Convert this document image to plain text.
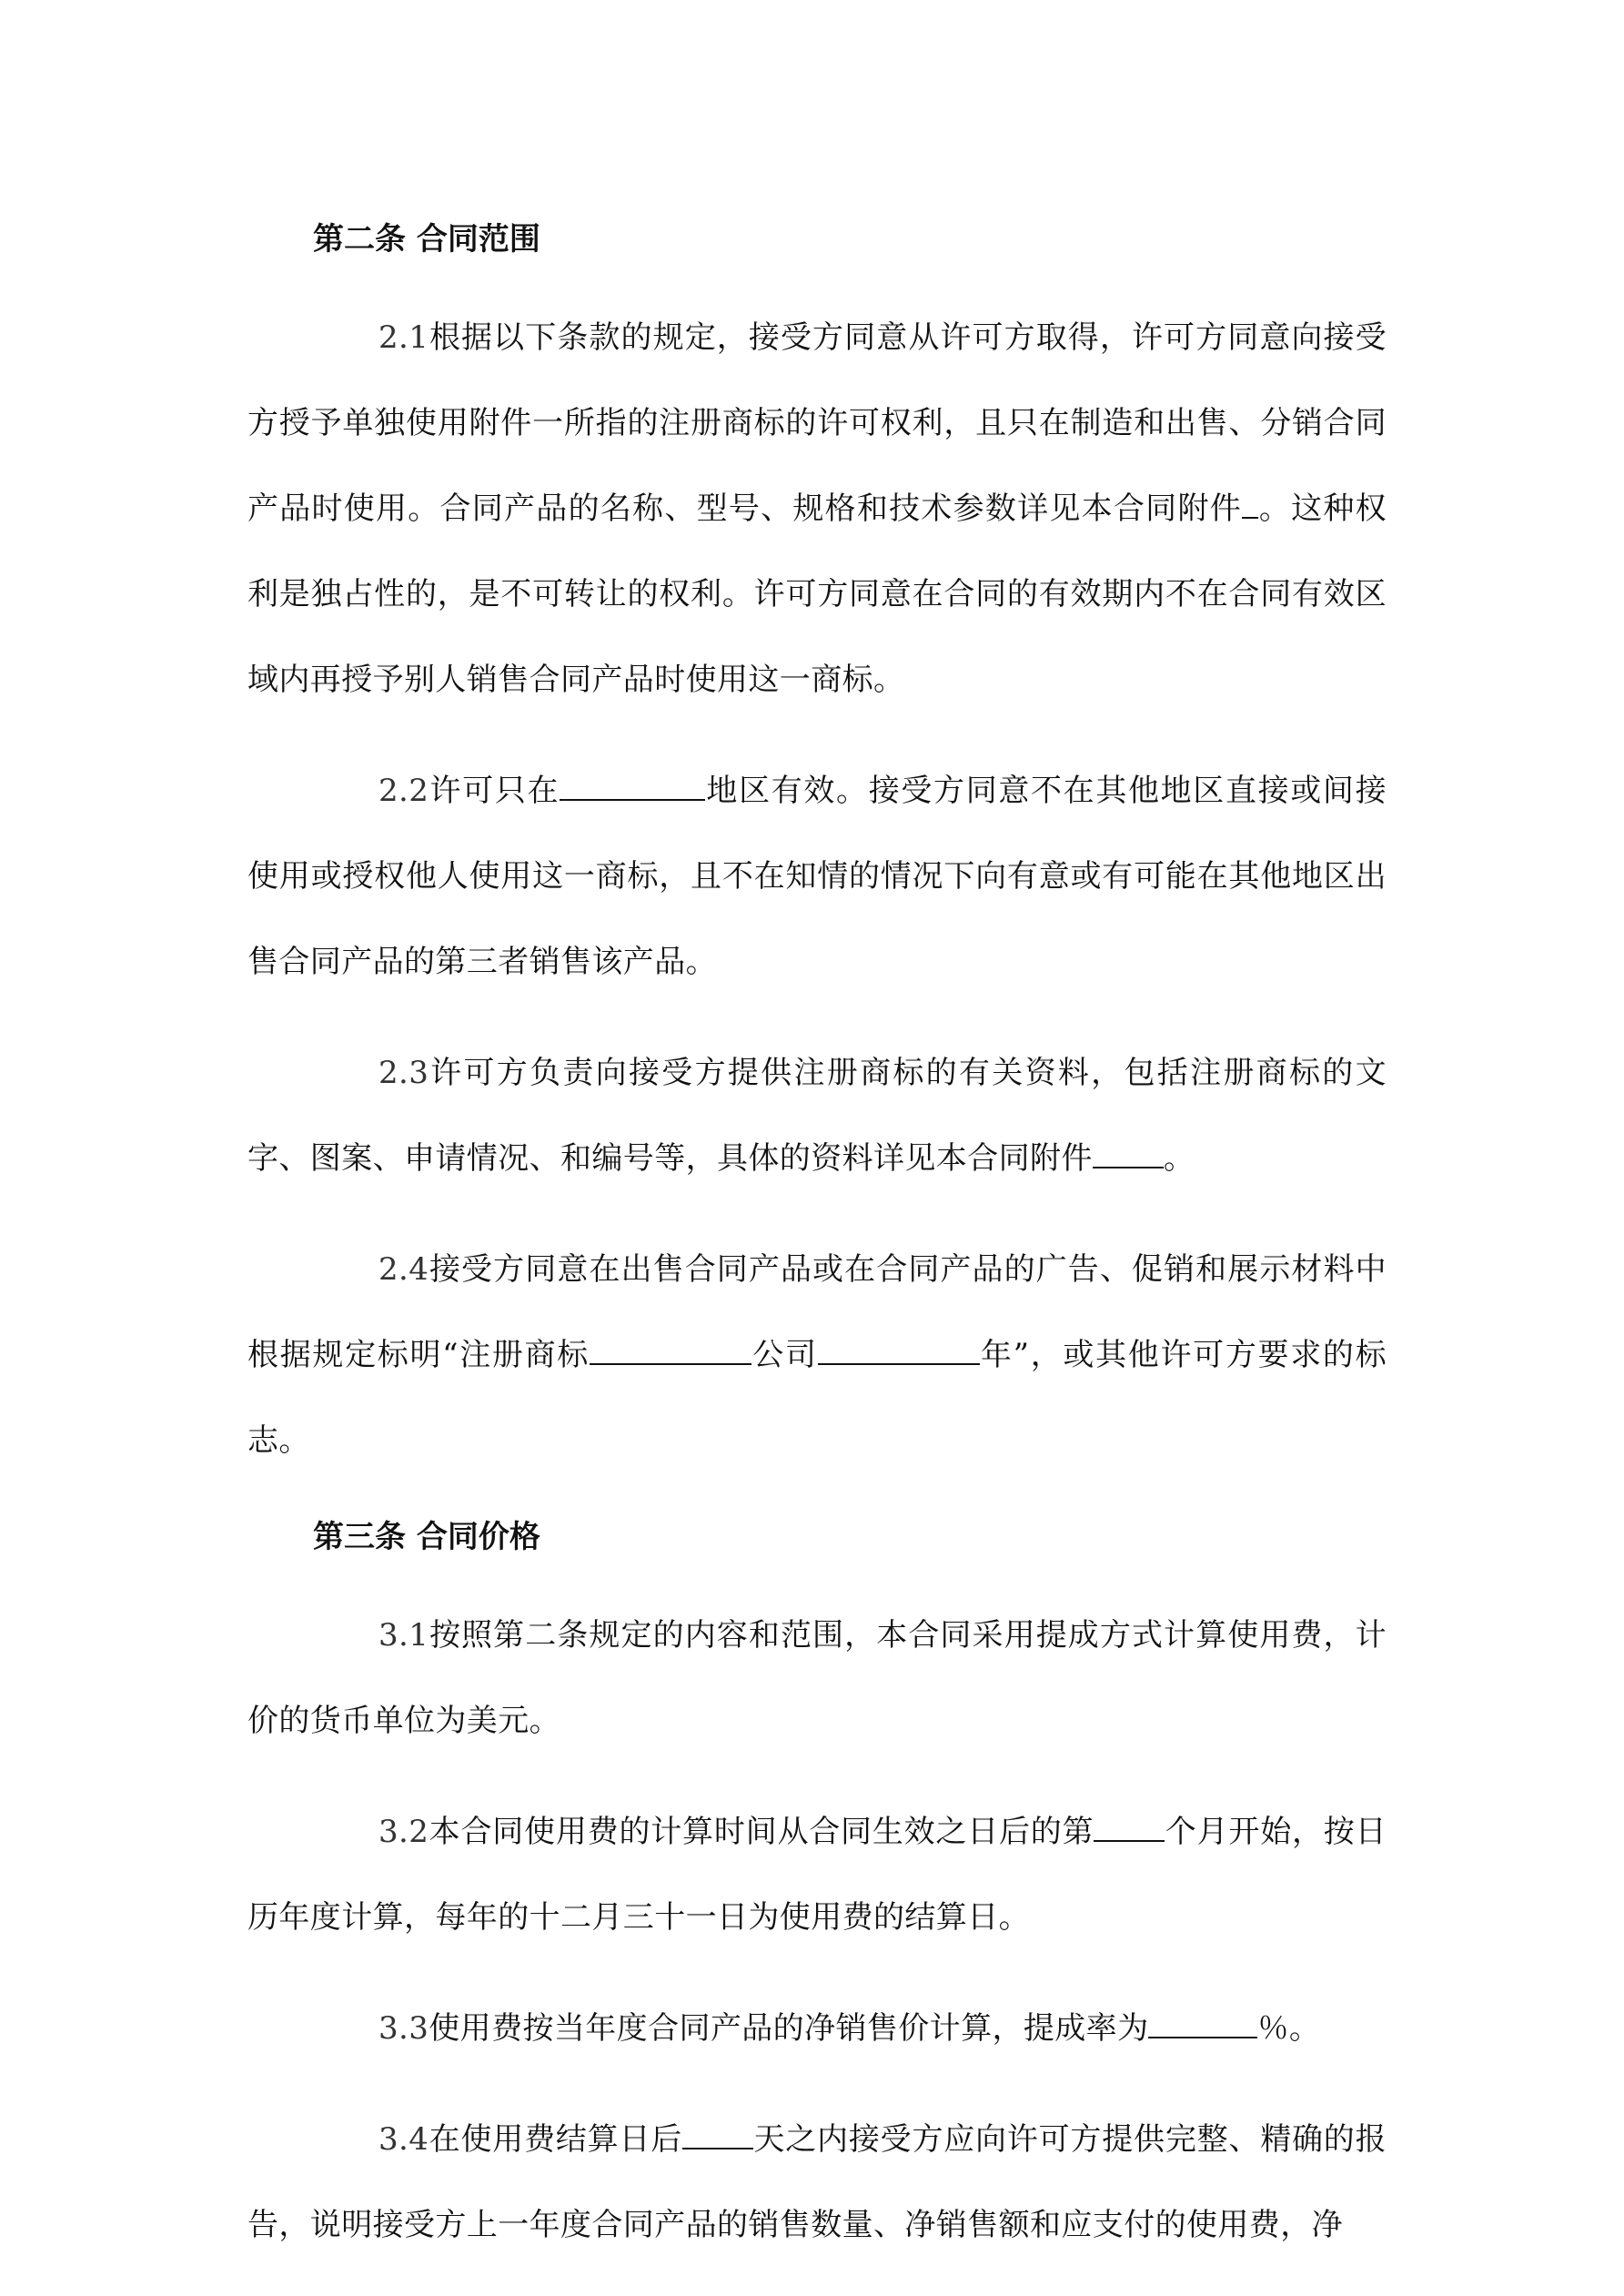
第二条 合同范围

2.1根据以下条款的规定，接受方同意从许可方取得，许可方同意向接受方授予单独使用附件一所指的注册商标的许可权利，且只在制造和出售、分销合同产品时使用。合同产品的名称、型号、规格和技术参数详见本合同附件 。这种权利是独占性的，是不可转让的权利。许可方同意在合同的有效期内不在合同有效区域内再授予别人销售合同产品时使用这一商标。

2.2许可只在	地区有效。接受方同意不在其他地区直接或间接使用或授权他人使用这一商标，且不在知情的情况下向有意或有可能在其他地区出售合同产品的第三者销售该产品。

2.3许可方负责向接受方提供注册商标的有关资料，包括注册商标的文字、图案、申请情况、和编号等，具体的资料详见本合同附件 。

2.4接受方同意在出售合同产品或在合同产品的广告、促销和展示材料中根据规定标明“注册商标	公司	年”，或其他许可方要求的标志。

第三条 合同价格

3.1按照第二条规定的内容和范围，本合同采用提成方式计算使用费，计价的货币单位为美元。

3.2本合同使用费的计算时间从合同生效之日后的第 个月开始，按日历年度计算，每年的十二月三十一日为使用费的结算日。

3.3使用费按当年度合同产品的净销售价计算，提成率为	％。

3.4在使用费结算日后 天之内接受方应向许可方提供完整、精确的报告，说明接受方上一年度合同产品的销售数量、净销售额和应支付的使用费，净
